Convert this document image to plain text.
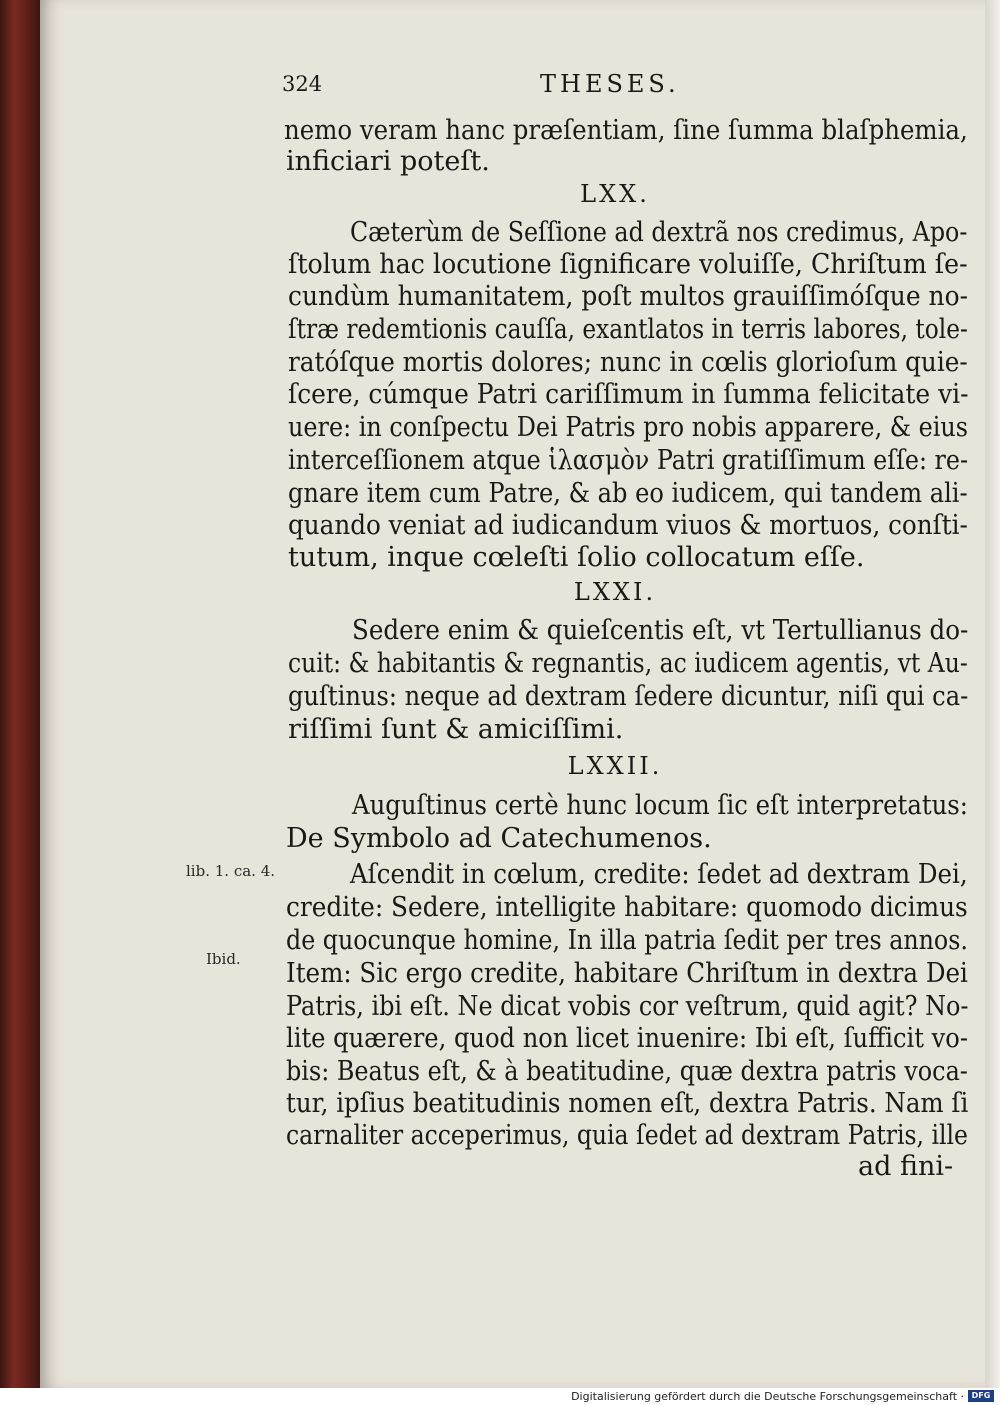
324	THESES.

nemo veram hanc præſentiam, ſine ſumma blaſphemia,

inficiari poteſt.

LXX.

Cæterùm de Seſſione ad dextrã nos credimus, Apo-

ſtolum hac locutione ſignificare voluiſſe, Chriſtum ſe-

cundùm humanitatem, poſt multos grauiſſimóſque no-

ſtræ redemtionis cauſſa, exantlatos in terris labores, tole-

ratóſque mortis dolores; nunc in cœlis glorioſum quie-

ſcere, cúmque Patri cariſſimum in ſumma felicitate vi-

uere: in conſpectu Dei Patris pro nobis apparere, & eius

interceſſionem atque ἱλασμὸν Patri gratiſſimum eſſe: re-

gnare item cum Patre, & ab eo iudicem, qui tandem ali-

quando veniat ad iudicandum viuos & mortuos, conſti-

tutum, inque cœleſti ſolio collocatum eſſe.

LXXI.

Sedere enim & quieſcentis eſt, vt Tertullianus do-

cuit: & habitantis & regnantis, ac iudicem agentis, vt Au-

guſtinus: neque ad dextram ſedere dicuntur, niſi qui ca-

riſſimi ſunt & amiciſſimi.

LXXII.

Auguſtinus certè hunc locum ſic eſt interpretatus:

De Symbolo ad Catechumenos.

Aſcendit in cœlum, credite: ſedet ad dextram Dei,

credite: Sedere, intelligite habitare: quomodo dicimus

de quocunque homine, In illa patria ſedit per tres annos.

Item: Sic ergo credite, habitare Chriſtum in dextra Dei

Patris, ibi eſt. Ne dicat vobis cor veſtrum, quid agit? No-

lite quærere, quod non licet inuenire: Ibi eſt, ſufficit vo-

bis: Beatus eſt, & à beatitudine, quæ dextra patris voca-

tur, ipſius beatitudinis nomen eſt, dextra Patris. Nam ſi

carnaliter acceperimus, quia ſedet ad dextram Patris, ille

ad fini-

lib. 1. ca. 4.

Ibid.

Digitalisierung gefördert durch die Deutsche Forschungsgemeinschaft · DFG
